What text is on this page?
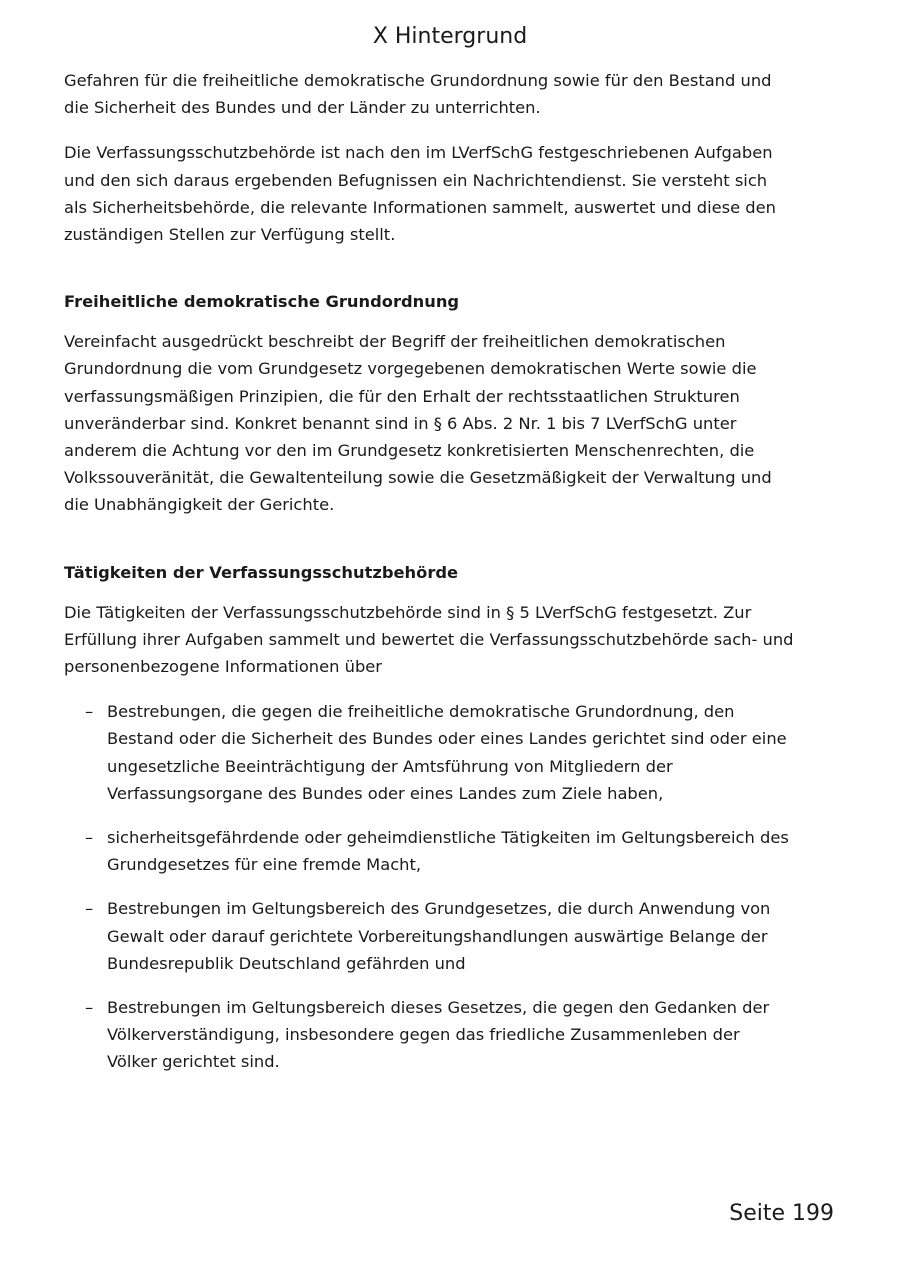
X Hintergrund

Gefahren für die freiheitliche demokratische Grundordnung sowie für den Bestand und die Sicherheit des Bundes und der Länder zu unterrichten.

Die Verfassungsschutzbehörde ist nach den im LVerfSchG festgeschriebenen Aufgaben und den sich daraus ergebenden Befugnissen ein Nachrichtendienst. Sie versteht sich als Sicherheitsbehörde, die relevante Informationen sammelt, auswertet und diese den zuständigen Stellen zur Verfügung stellt.

Freiheitliche demokratische Grundordnung

Vereinfacht ausgedrückt beschreibt der Begriff der freiheitlichen demokratischen Grundordnung die vom Grundgesetz vorgegebenen demokratischen Werte sowie die verfassungsmäßigen Prinzipien, die für den Erhalt der rechtsstaatlichen Strukturen unveränderbar sind. Konkret benannt sind in § 6 Abs. 2 Nr. 1 bis 7 LVerfSchG unter anderem die Achtung vor den im Grundgesetz konkretisierten Menschenrechten, die Volkssouveränität, die Gewaltenteilung sowie die Gesetzmäßigkeit der Verwaltung und die Unabhängigkeit der Gerichte.

Tätigkeiten der Verfassungsschutzbehörde

Die Tätigkeiten der Verfassungsschutzbehörde sind in § 5 LVerfSchG festgesetzt. Zur Erfüllung ihrer Aufgaben sammelt und bewertet die Verfassungsschutzbehörde sach- und personenbezogene Informationen über

– Bestrebungen, die gegen die freiheitliche demokratische Grundordnung, den Bestand oder die Sicherheit des Bundes oder eines Landes gerichtet sind oder eine ungesetzliche Beeinträchtigung der Amtsführung von Mitgliedern der Verfassungsorgane des Bundes oder eines Landes zum Ziele haben,
– sicherheitsgefährdende oder geheimdienstliche Tätigkeiten im Geltungsbereich des Grundgesetzes für eine fremde Macht,
– Bestrebungen im Geltungsbereich des Grundgesetzes, die durch Anwendung von Gewalt oder darauf gerichtete Vorbereitungshandlungen auswärtige Belange der Bundesrepublik Deutschland gefährden und
– Bestrebungen im Geltungsbereich dieses Gesetzes, die gegen den Gedanken der Völkerverständigung, insbesondere gegen das friedliche Zusammenleben der Völker gerichtet sind.

Seite 199
